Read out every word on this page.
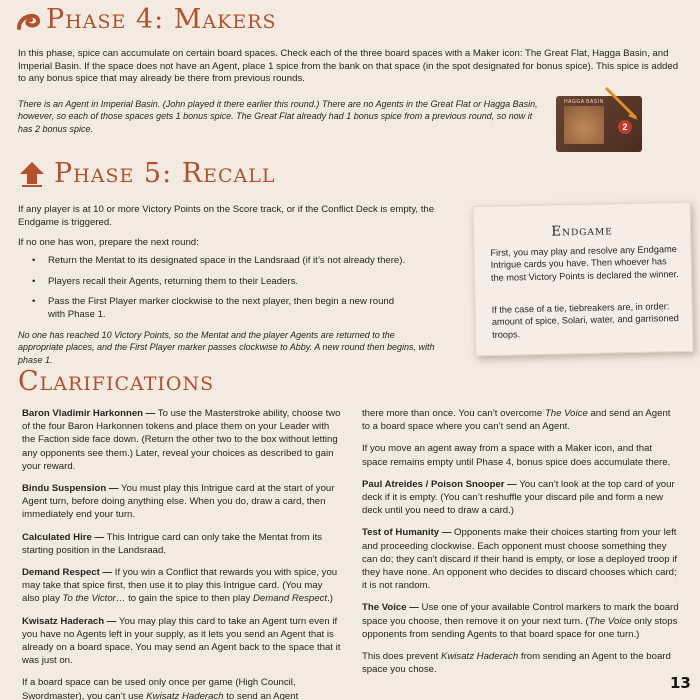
Phase 4: Makers
In this phase, spice can accumulate on certain board spaces. Check each of the three board spaces with a Maker icon: The Great Flat, Hagga Basin, and Imperial Basin. If the space does not have an Agent, place 1 spice from the bank on that space (in the spot designated for bonus spice). This spice is added to any bonus spice that may already be there from previous rounds.
There is an Agent in Imperial Basin. (John played it there earlier this round.) There are no Agents in the Great Flat or Hagga Basin, however, so each of those spaces gets 1 bonus spice. The Great Flat already had 1 bonus spice from a previous round, so now it has 2 bonus spice.
HAGGA BASIN
2
Phase 5: Recall
If any player is at 10 or more Victory Points on the Score track, or if the Conflict Deck is empty, the Endgame is triggered.
If no one has won, prepare the next round:
• Return the Mentat to its designated space in the Landsraad (if it’s not already there).
• Players recall their Agents, returning them to their Leaders.
• Pass the First Player marker clockwise to the next player, then begin a new round with Phase 1.
No one has reached 10 Victory Points, so the Mentat and the player Agents are returned to the appropriate places, and the First Player marker passes clockwise to Abby. A new round then begins, with phase 1.
Endgame
First, you may play and resolve any Endgame Intrigue cards you have. Then whoever has the most Victory Points is declared the winner.
If the case of a tie, tiebreakers are, in order: amount of spice, Solari, water, and garrisoned troops.
Clarifications

Baron Vladimir Harkonnen — To use the Masterstroke ability, choose two of the four Baron Harkonnen tokens and place them on your Leader with the Faction side face down. (Return the other two to the box without letting any opponents see them.) Later, reveal your choices as described to gain your reward.

Bindu Suspension — You must play this Intrigue card at the start of your Agent turn, before doing anything else. When you do, draw a card, then immediately end your turn.

Calculated Hire — This Intrigue card can only take the Mentat from its starting position in the Landsraad.

Demand Respect — If you win a Conflict that rewards you with spice, you may take that spice first, then use it to play this Intrigue card. (You may also play To the Victor… to gain the spice to then play Demand Respect.)

Kwisatz Haderach — You may play this card to take an Agent turn even if you have no Agents left in your supply, as it lets you send an Agent that is already on a board space. You may send an Agent back to the space that it was just on.

If a board space can be used only once per game (High Council, Swordmaster), you can’t use Kwisatz Haderach to send an Agent

there more than once. You can’t overcome The Voice and send an Agent to a board space where you can’t send an Agent.

If you move an agent away from a space with a Maker icon, and that space remains empty until Phase 4, bonus spice does accumulate there.

Paul Atreides / Poison Snooper — You can’t look at the top card of your deck if it is empty. (You can’t reshuffle your discard pile and form a new deck until you need to draw a card.)

Test of Humanity — Opponents make their choices starting from your left and proceeding clockwise. Each opponent must choose something they can do; they can’t discard if their hand is empty, or lose a deployed troop if they have none. An opponent who decides to discard chooses which card; it is not random.

The Voice — Use one of your available Control markers to mark the board space you choose, then remove it on your next turn. (The Voice only stops opponents from sending Agents to that board space for one turn.)

This does prevent Kwisatz Haderach from sending an Agent to the board space you chose.

13
